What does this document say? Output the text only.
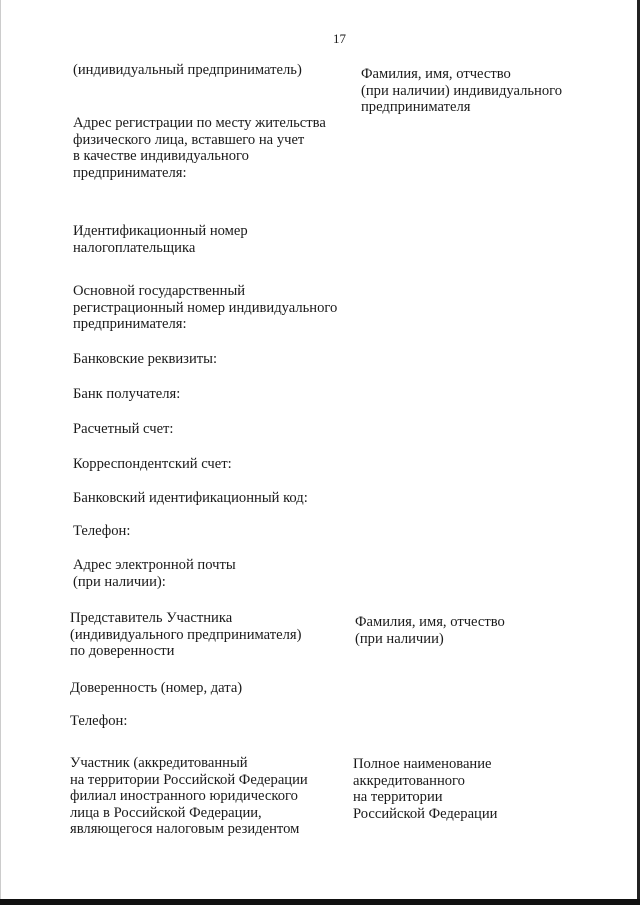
17
(индивидуальный предприниматель)
Адрес регистрации по месту жительства
физического лица, вставшего на учет
в качестве индивидуального
предпринимателя:
Идентификационный номер
налогоплательщика
Основной государственный
регистрационный номер индивидуального
предпринимателя:
Банковские реквизиты:
Банк получателя:
Расчетный счет:
Корреспондентский счет:
Банковский идентификационный код:
Телефон:
Адрес электронной почты
(при наличии):
Представитель Участника
(индивидуального предпринимателя)
по доверенности
Доверенность (номер, дата)
Телефон:
Участник (аккредитованный
на территории Российской Федерации
филиал иностранного юридического
лица в Российской Федерации,
являющегося налоговым резидентом
Фамилия, имя, отчество
(при наличии) индивидуального
предпринимателя
Фамилия, имя, отчество
(при наличии)
Полное наименование
аккредитованного
на территории
Российской Федерации
